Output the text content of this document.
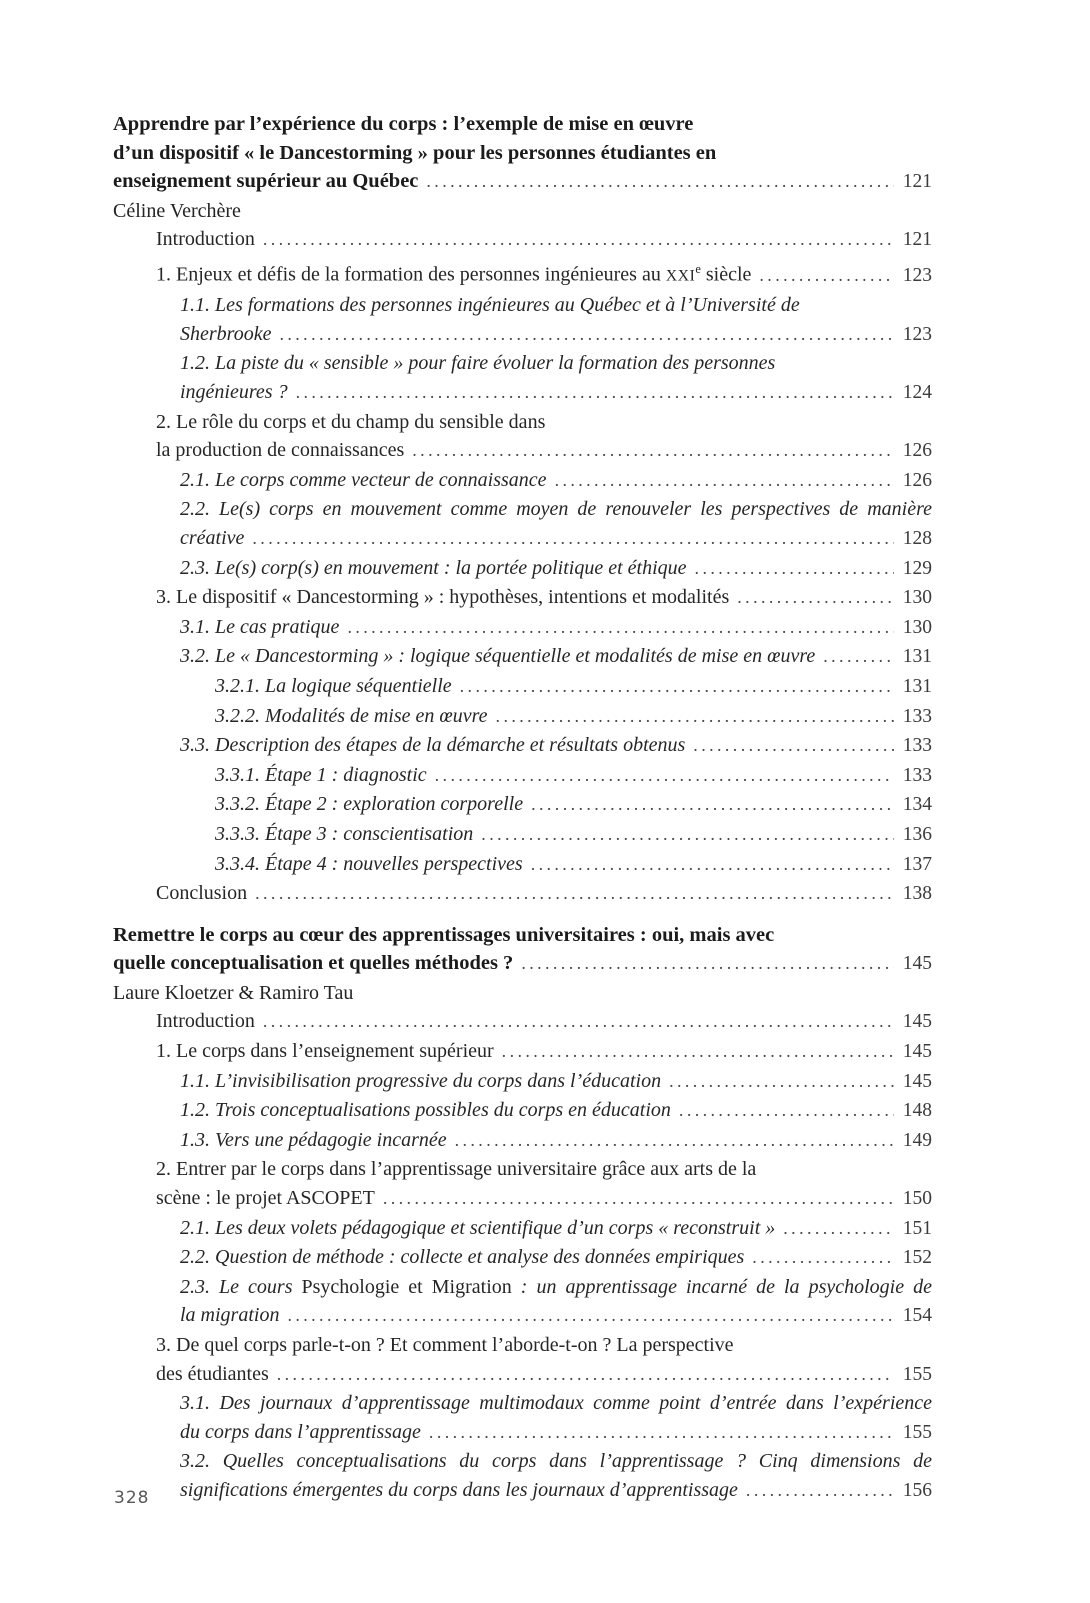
Apprendre par l’expérience du corps : l’exemple de mise en œuvre
d’un dispositif « le Dancestorming » pour les personnes étudiantes en
enseignement supérieur au Québec .....	121
Céline Verchère
Introduction .....	121
1. Enjeux et défis de la formation des personnes ingénieures au XXIe siècle .....	123
1.1. Les formations des personnes ingénieures au Québec et à l’Université de
Sherbrooke .....	123
1.2. La piste du « sensible » pour faire évoluer la formation des personnes
ingénieures ? .....	124
2. Le rôle du corps et du champ du sensible dans
la production de connaissances .....	126
2.1. Le corps comme vecteur de connaissance .....	126
2.2. Le(s) corps en mouvement comme moyen de renouveler les perspectives de manière
créative .....	128
2.3. Le(s) corp(s) en mouvement : la portée politique et éthique .....	129
3. Le dispositif « Dancestorming » : hypothèses, intentions et modalités .....	130
3.1. Le cas pratique .....	130
3.2. Le « Dancestorming » : logique séquentielle et modalités de mise en œuvre .....	131
3.2.1. La logique séquentielle .....	131
3.2.2. Modalités de mise en œuvre .....	133
3.3. Description des étapes de la démarche et résultats obtenus .....	133
3.3.1. Étape 1 : diagnostic .....	133
3.3.2. Étape 2 : exploration corporelle .....	134
3.3.3. Étape 3 : conscientisation .....	136
3.3.4. Étape 4 : nouvelles perspectives .....	137
Conclusion .....	138
Remettre le corps au cœur des apprentissages universitaires : oui, mais avec
quelle conceptualisation et quelles méthodes ? .....	145
Laure Kloetzer & Ramiro Tau
Introduction .....	145
1. Le corps dans l’enseignement supérieur .....	145
1.1. L’invisibilisation progressive du corps dans l’éducation .....	145
1.2. Trois conceptualisations possibles du corps en éducation .....	148
1.3. Vers une pédagogie incarnée .....	149
2. Entrer par le corps dans l’apprentissage universitaire grâce aux arts de la
scène : le projet ASCOPET .....	150
2.1. Les deux volets pédagogique et scientifique d’un corps « reconstruit » .....	151
2.2. Question de méthode : collecte et analyse des données empiriques .....	152
2.3. Le cours Psychologie et Migration : un apprentissage incarné de la psychologie de
la migration .....	154
3. De quel corps parle-t-on ? Et comment l’aborde-t-on ? La perspective
des étudiantes .....	155
3.1. Des journaux d’apprentissage multimodaux comme point d’entrée dans l’expérience
du corps dans l’apprentissage .....	155
3.2. Quelles conceptualisations du corps dans l’apprentissage ? Cinq dimensions de
significations émergentes du corps dans les journaux d’apprentissage .....	156
328
